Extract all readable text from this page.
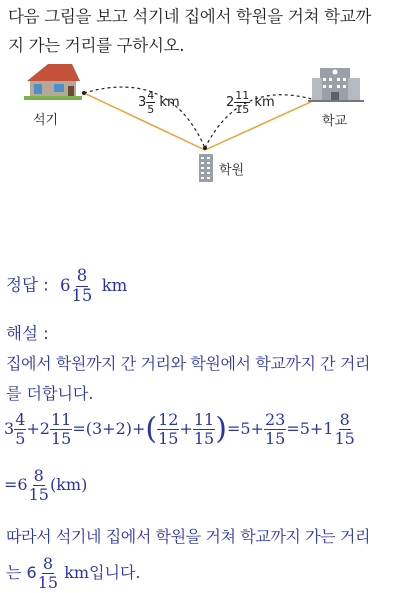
다음 그림을 보고 석기네 집에서 학원을 거쳐 학교까
지 가는 거리를 구하시오.
석기	학교
학원
$3 \frac{4}{5}$ km	$2 \frac{11}{15}$ km
정답 : $6 \frac{8}{15}$ km
해설 :
집에서 학원까지 간 거리와 학원에서 학교까지 간 거리
를 더합니다.
$3 \frac{4}{5} +2 \frac{11}{15} =(3+2)+( \frac{12}{15} + \frac{11}{15} )=5+ \frac{23}{15} =5+1 \frac{8}{15}$
$=6 \frac{8}{15} (km)$
따라서 석기네 집에서 학원을 거쳐 학교까지 가는 거리
는 $6 \frac{8}{15}$ km입니다.
